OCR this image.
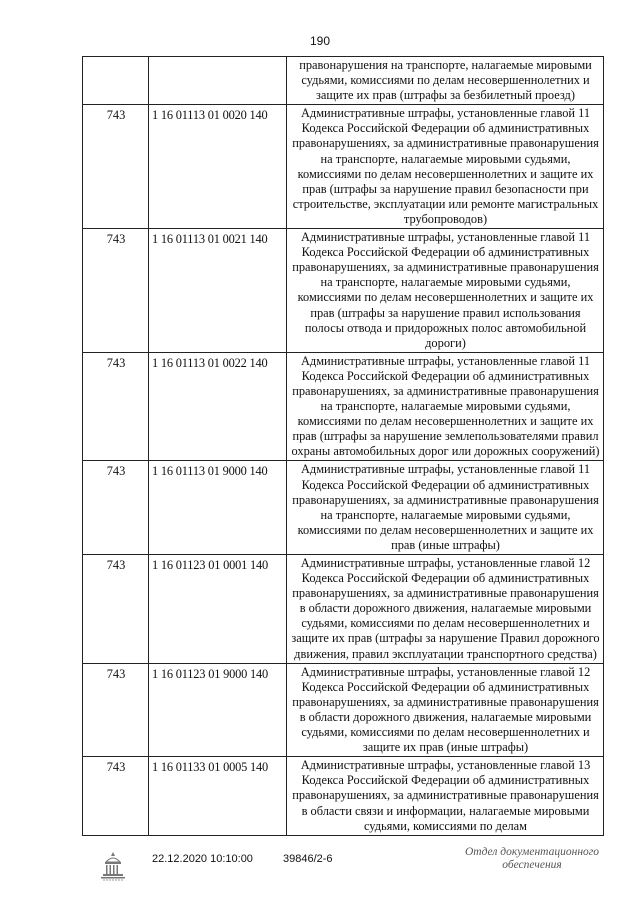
190
		правонарушения на транспорте, налагаемые мировыми судьями, комиссиями по делам несовершеннолетних и защите их прав (штрафы за безбилетный проезд)
743	1 16 01113 01 0020 140	Административные штрафы, установленные главой 11 Кодекса Российской Федерации об административных правонарушениях, за административные правонарушения на транспорте, налагаемые мировыми судьями, комиссиями по делам несовершеннолетних и защите их прав (штрафы за нарушение правил безопасности при строительстве, эксплуатации или ремонте магистральных трубопроводов)
743	1 16 01113 01 0021 140	Административные штрафы, установленные главой 11 Кодекса Российской Федерации об административных правонарушениях, за административные правонарушения на транспорте, налагаемые мировыми судьями, комиссиями по делам несовершеннолетних и защите их прав (штрафы за нарушение правил использования полосы отвода и придорожных полос автомобильной дороги)
743	1 16 01113 01 0022 140	Административные штрафы, установленные главой 11 Кодекса Российской Федерации об административных правонарушениях, за административные правонарушения на транспорте, налагаемые мировыми судьями, комиссиями по делам несовершеннолетних и защите их прав (штрафы за нарушение землепользователями правил охраны автомобильных дорог или дорожных сооружений)
743	1 16 01113 01 9000 140	Административные штрафы, установленные главой 11 Кодекса Российской Федерации об административных правонарушениях, за административные правонарушения на транспорте, налагаемые мировыми судьями, комиссиями по делам несовершеннолетних и защите их прав (иные штрафы)
743	1 16 01123 01 0001 140	Административные штрафы, установленные главой 12 Кодекса Российской Федерации об административных правонарушениях, за административные правонарушения в области дорожного движения, налагаемые мировыми судьями, комиссиями по делам несовершеннолетних и защите их прав (штрафы за нарушение Правил дорожного движения, правил эксплуатации транспортного средства)
743	1 16 01123 01 9000 140	Административные штрафы, установленные главой 12 Кодекса Российской Федерации об административных правонарушениях, за административные правонарушения в области дорожного движения, налагаемые мировыми судьями, комиссиями по делам несовершеннолетних и защите их прав (иные штрафы)
743	1 16 01133 01 0005 140	Административные штрафы, установленные главой 13 Кодекса Российской Федерации об административных правонарушениях, за административные правонарушения в области связи и информации, налагаемые мировыми судьями, комиссиями по делам
22.12.2020 10:10:00	39846/2-6
Отдел документационного
обеспечения
